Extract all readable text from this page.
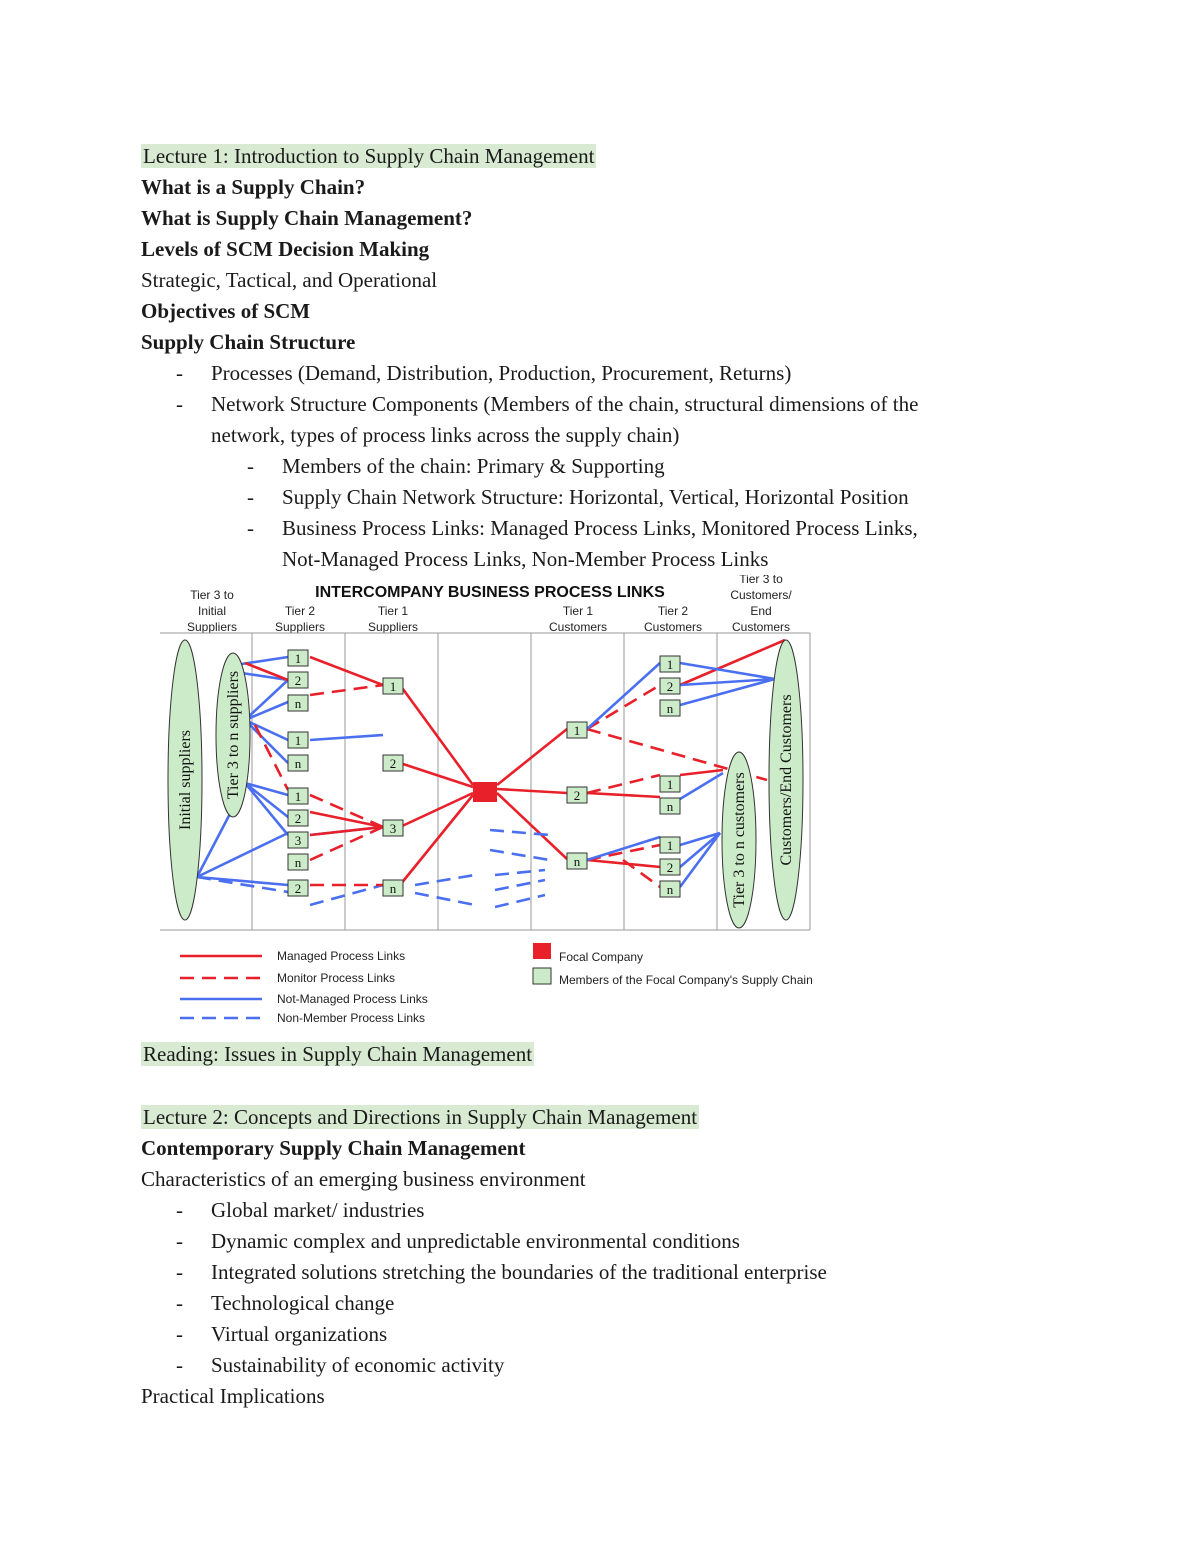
Lecture 1: Introduction to Supply Chain Management
What is a Supply Chain?
What is Supply Chain Management?
Levels of SCM Decision Making
Strategic, Tactical, and Operational
Objectives of SCM
Supply Chain Structure
- Processes (Demand, Distribution, Production, Procurement, Returns)
- Network Structure Components (Members of the chain, structural dimensions of the
network, types of process links across the supply chain)
- Members of the chain: Primary & Supporting
- Supply Chain Network Structure: Horizontal, Vertical, Horizontal Position
- Business Process Links: Managed Process Links, Monitored Process Links,
Not-Managed Process Links, Non-Member Process Links
INTERCOMPANY BUSINESS PROCESS LINKS
Tier 3 to
Initial
Suppliers
Tier 2
Suppliers
Tier 1
Suppliers
Tier 1
Customers
Tier 2
Customers
Tier 3 to
Customers/
End
Customers
Initial suppliers Tier 3 to n suppliers
Tier 3 to n customers Customers/End Customers
1
2
n
1
n
1
2
3
n
2
1
2
3
n
1
2
n
1
2
n
1
n
1
2
n
Managed Process Links
Monitor Process Links
Not-Managed Process Links
Non-Member Process Links
Focal Company
Members of the Focal Company's Supply Chain
Reading: Issues in Supply Chain Management
Lecture 2: Concepts and Directions in Supply Chain Management
Contemporary Supply Chain Management
Characteristics of an emerging business environment
- Global market/ industries
- Dynamic complex and unpredictable environmental conditions
- Integrated solutions stretching the boundaries of the traditional enterprise
- Technological change
- Virtual organizations
- Sustainability of economic activity
Practical Implications
